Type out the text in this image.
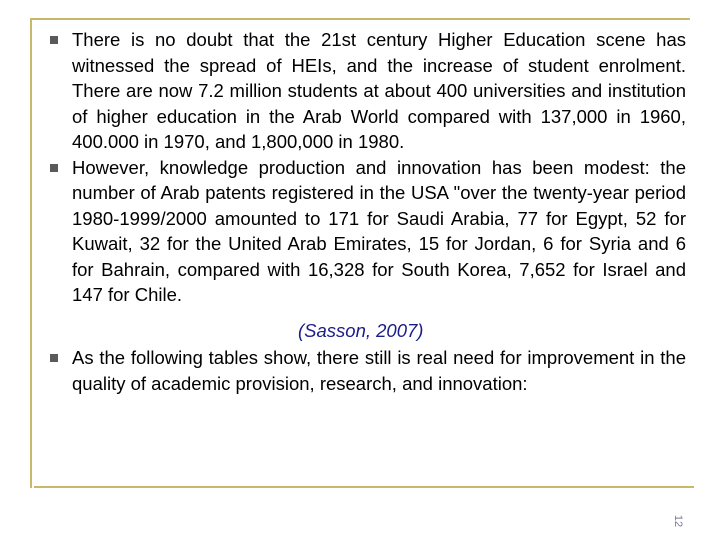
There is no doubt that the 21st century Higher Education scene has witnessed the spread of HEIs, and the increase of student enrolment. There are now 7.2 million students at about 400 universities and institution of higher education in the Arab World compared with 137,000 in 1960, 400.000 in 1970, and 1,800,000 in 1980.
However, knowledge production and innovation has been modest: the number of Arab patents registered in the USA "over the twenty-year period 1980-1999/2000 amounted to 171 for Saudi Arabia, 77 for Egypt, 52 for Kuwait, 32 for the United Arab Emirates, 15 for Jordan, 6 for Syria and 6 for Bahrain, compared with 16,328 for South Korea, 7,652 for Israel and 147 for Chile.
(Sasson, 2007)
As the following tables show, there still is real need for improvement in the quality of academic provision, research, and innovation:
12
